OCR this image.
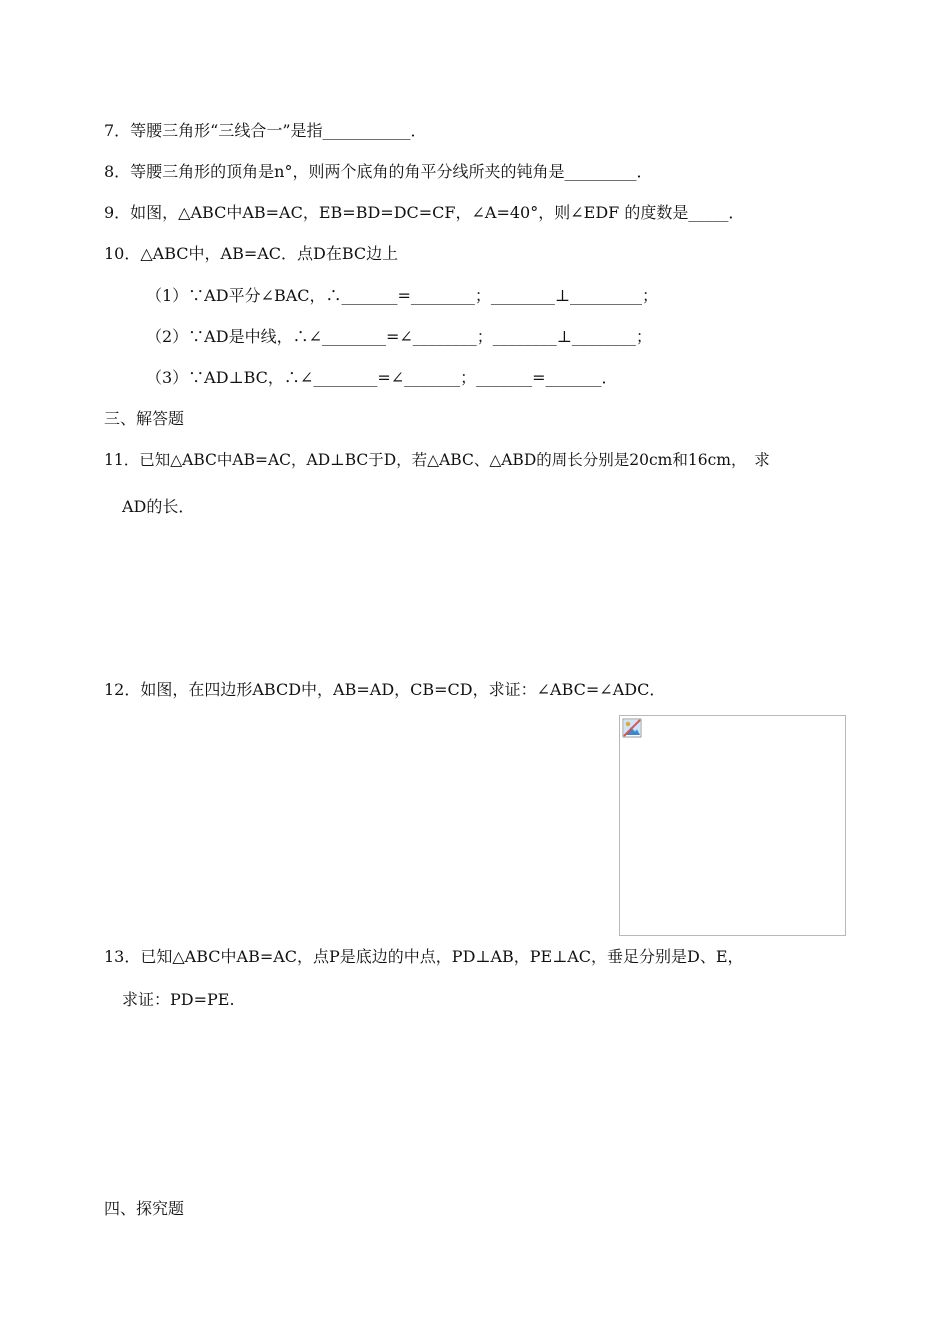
7．等腰三角形“三线合一”是指___________．
8．等腰三角形的顶角是n°，则两个底角的角平分线所夹的钝角是_________．
9．如图，△ABC中AB=AC，EB=BD=DC=CF，∠A=40°，则∠EDF 的度数是_____．
10．△ABC中，AB=AC．点D在BC边上
（1）∵AD平分∠BAC，∴_______=________；________⊥_________；
（2）∵AD是中线，∴∠________=∠________；________⊥________；
（3）∵AD⊥BC，∴∠________=∠_______；_______=_______．
三、解答题
11．已知△ABC中AB=AC，AD⊥BC于D，若△ABC、△ABD的周长分别是20cm和16cm，　求
AD的长．
12．如图，在四边形ABCD中，AB=AD，CB=CD，求证：∠ABC=∠ADC．
13．已知△ABC中AB=AC，点P是底边的中点，PD⊥AB，PE⊥AC，垂足分别是D、E，
求证：PD=PE.
四、探究题
